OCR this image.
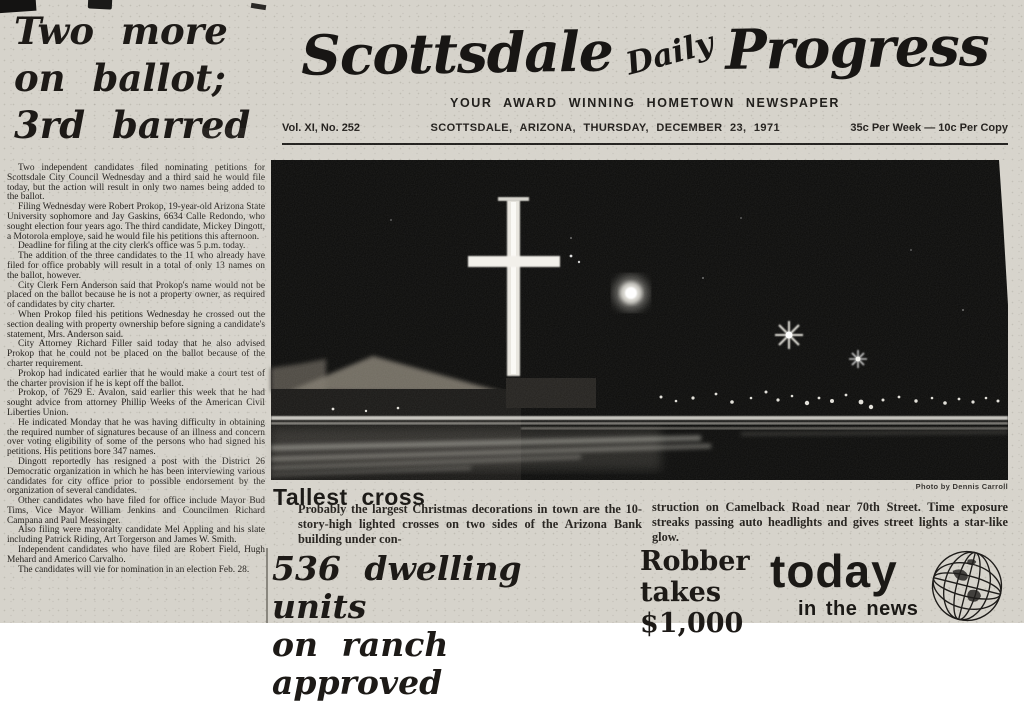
Two more
on ballot;
3rd barred

Two independent candidates filed nominating petitions for Scottsdale City Council Wednesday and a third said he would file today, but the action will result in only two names being added to the ballot.

Filing Wednesday were Robert Prokop, 19-year-old Arizona State University sophomore and Jay Gaskins, 6634 Calle Redondo, who sought election four years ago. The third candidate, Mickey Dingott, a Motorola employe, said he would file his petitions this afternoon.

Deadline for filing at the city clerk's office was 5 p.m. today.

The addition of the three candidates to the 11 who already have filed for office probably will result in a total of only 13 names on the ballot, however.

City Clerk Fern Anderson said that Prokop's name would not be placed on the ballot because he is not a property owner, as required of candidates by city charter.

When Prokop filed his petitions Wednesday he crossed out the section dealing with property ownership before signing a candidate's statement, Mrs. Anderson said.

City Attorney Richard Filler said today that he also advised Prokop that he could not be placed on the ballot because of the charter requirement.

Prokop had indicated earlier that he would make a court test of the charter provision if he is kept off the ballot.

Prokop, of 7629 E. Avalon, said earlier this week that he had sought advice from attorney Phillip Weeks of the American Civil Liberties Union.

He indicated Monday that he was having difficulty in obtaining the required number of signatures because of an illness and concern over voting eligibility of some of the persons who had signed his petitions. His petitions bore 347 names.

Dingott reportedly has resigned a post with the District 26 Democratic organization in which he has been interviewing various candidates for city office prior to possible endorsement by the organization of several candidates.

Other candidates who have filed for office include Mayor Bud Tims, Vice Mayor William Jenkins and Councilmen Richard Campana and Paul Messinger.

Also filing were mayoralty candidate Mel Appling and his slate including Patrick Riding, Art Torgerson and James W. Smith.

Independent candidates who have filed are Robert Field, Hugh Mehard and Americo Carvalho.

The candidates will vie for nomination in an election Feb. 28.

Scottsdale Daily Progress
YOUR AWARD WINNING HOMETOWN NEWSPAPER
Vol. XI, No. 252	SCOTTSDALE, ARIZONA, THURSDAY, DECEMBER 23, 1971	35c Per Week — 10c Per Copy
Photo by Dennis Carroll
Tallest cross

Probably the largest Christmas decorations in town are the 10-story-high lighted crosses on two sides of the Arizona Bank building under con-

struction on Camelback Road near 70th Street. Time exposure streaks passing auto headlights and gives street lights a star-like glow.

536 dwelling units
on ranch approved
Robber
takes
$1,000
today
in the news
